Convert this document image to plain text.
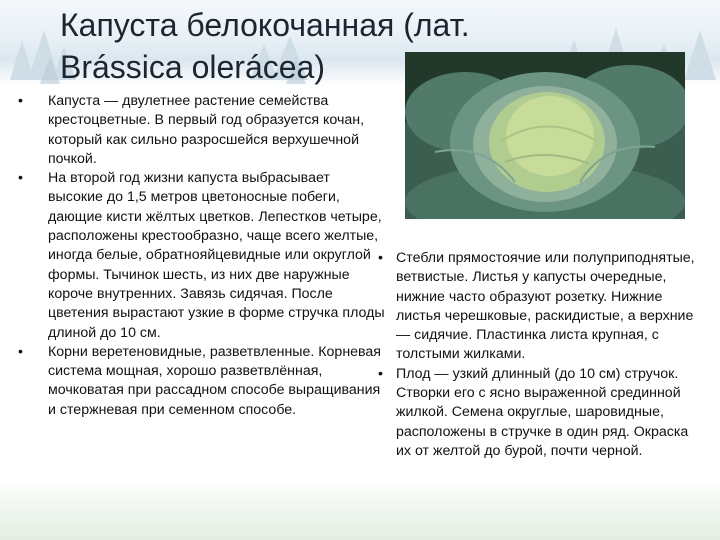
Капуста белокочанная (лат. Brássica olerácea)

•	Капуста — двулетнее растение семейства крестоцветные. В первый год образуется кочан, который как сильно разросшейся верхушечной почкой.

•	На второй год жизни капуста выбрасывает высокие до 1,5 метров цветоносные побеги, дающие кисти жёлтых цветков. Лепестков четыре, расположены крестообразно, чаще всего желтые, иногда белые, обратнояйцевидные или округлой формы. Тычинок шесть, из них две наружные короче внутренних. Завязь сидячая. После цветения вырастают узкие в форме стручка плоды длиной до 10 см.

•	Корни веретеновидные, разветвленные. Корневая система мощная, хорошо разветвлённая, мочковатая при рассадном способе выращивания и стержневая при семенном способе.

• Стебли прямостоячие или полуприподнятые, ветвистые. Листья у капусты очередные, нижние часто образуют розетку. Нижние листья черешковые, раскидистые, а верхние — сидячие. Пластинка листа крупная, с толстыми жилками.

• Плод — узкий длинный (до 10 см) стручок. Створки его с ясно выраженной срединной жилкой. Семена округлые, шаровидные, расположены в стручке в один ряд. Окраска их от желтой до бурой, почти черной.
